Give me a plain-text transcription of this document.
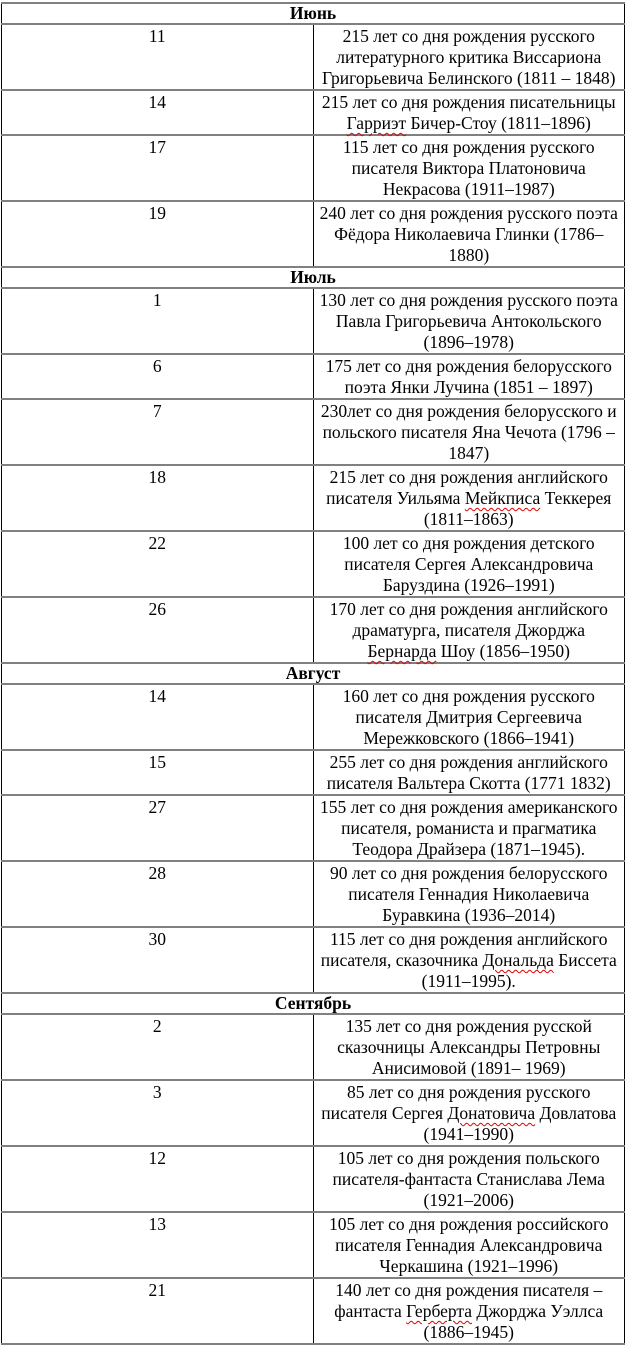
Июнь	
11	215 лет со дня рождения русского литературного критика Виссариона Григорьевича Белинского (1811 – 1848)
14	215 лет со дня рождения писательницы Гарриэт Бичер-Стоу (1811–1896)
17	115 лет со дня рождения русского писателя Виктора Платоновича Некрасова (1911–1987)
19	240 лет со дня рождения русского поэта Фёдора Николаевича Глинки (1786–1880)
Июль	
1	130 лет со дня рождения русского поэта Павла Григорьевича Антокольского (1896–1978)
6	175 лет со дня рождения белорусского поэта Янки Лучина (1851 – 1897)
7	230лет со дня рождения белорусского и польского писателя Яна Чечота (1796 – 1847)
18	215 лет со дня рождения английского писателя Уильяма Мейкписа Теккерея (1811–1863)
22	100 лет со дня рождения детского писателя Сергея Александровича Баруздина (1926–1991)
26	170 лет со дня рождения английского драматурга, писателя Джорджа Бернарда Шоу (1856–1950)
Август	
14	160 лет со дня рождения русского писателя Дмитрия Сергеевича Мережковского (1866–1941)
15	255 лет со дня рождения английского писателя Вальтера Скотта (1771 1832)
27	155 лет со дня рождения американского писателя, романиста и прагматика Теодора Драйзера (1871–1945).
28	90 лет со дня рождения белорусского писателя Геннадия Николаевича Буравкина (1936–2014)
30	115 лет со дня рождения английского писателя, сказочника Дональда Биссета (1911–1995).
Сентябрь	
2	135 лет со дня рождения русской сказочницы Александры Петровны Анисимовой (1891– 1969)
3	85 лет со дня рождения русского писателя Сергея Донатовича Довлатова (1941–1990)
12	105 лет со дня рождения польского писателя-фантаста Станислава Лема (1921–2006)
13	105 лет со дня рождения российского писателя Геннадия Александровича Черкашина (1921–1996)
21	140 лет со дня рождения писателя – фантаста Герберта Джорджа Уэллса (1886–1945)
